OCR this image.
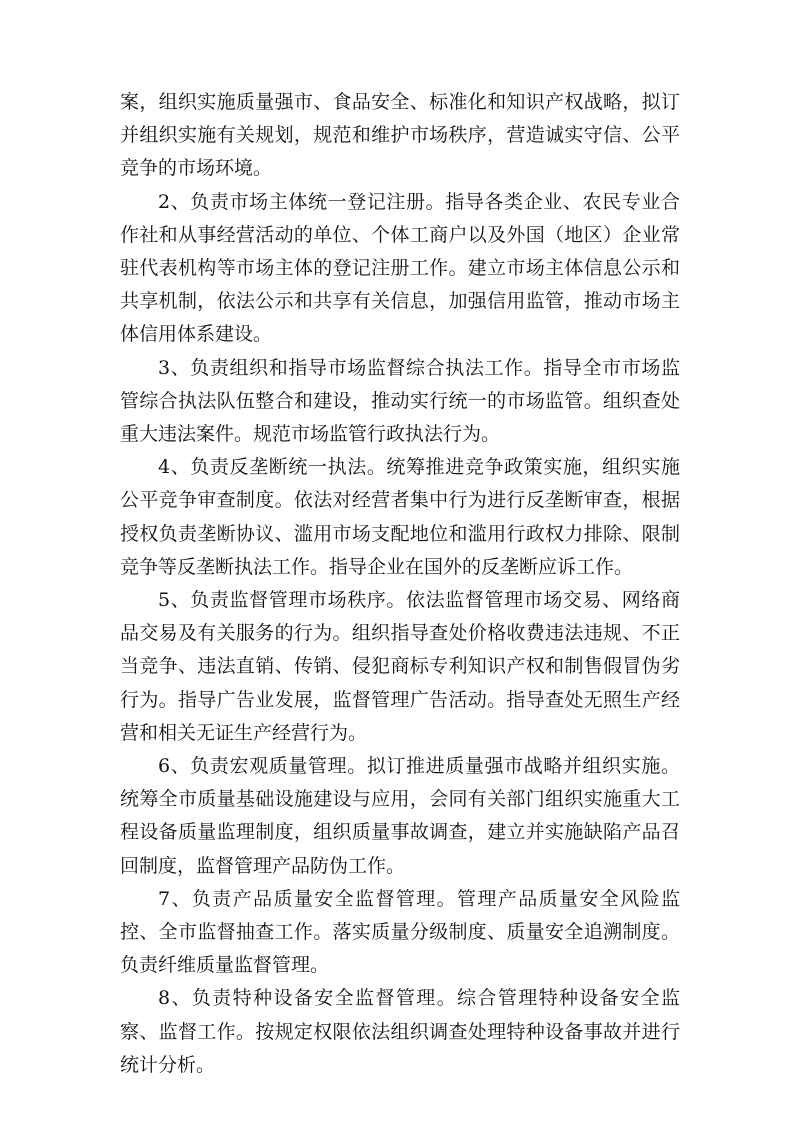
案，组织实施质量强市、食品安全、标准化和知识产权战略，拟订并组织实施有关规划，规范和维护市场秩序，营造诚实守信、公平竞争的市场环境。

2、负责市场主体统一登记注册。指导各类企业、农民专业合作社和从事经营活动的单位、个体工商户以及外国（地区）企业常驻代表机构等市场主体的登记注册工作。建立市场主体信息公示和共享机制，依法公示和共享有关信息，加强信用监管，推动市场主体信用体系建设。

3、负责组织和指导市场监督综合执法工作。指导全市市场监管综合执法队伍整合和建设，推动实行统一的市场监管。组织查处重大违法案件。规范市场监管行政执法行为。

4、负责反垄断统一执法。统筹推进竞争政策实施，组织实施公平竞争审查制度。依法对经营者集中行为进行反垄断审查，根据授权负责垄断协议、滥用市场支配地位和滥用行政权力排除、限制竞争等反垄断执法工作。指导企业在国外的反垄断应诉工作。

5、负责监督管理市场秩序。依法监督管理市场交易、网络商品交易及有关服务的行为。组织指导查处价格收费违法违规、不正当竞争、违法直销、传销、侵犯商标专利知识产权和制售假冒伪劣行为。指导广告业发展，监督管理广告活动。指导查处无照生产经营和相关无证生产经营行为。

6、负责宏观质量管理。拟订推进质量强市战略并组织实施。统筹全市质量基础设施建设与应用，会同有关部门组织实施重大工程设备质量监理制度，组织质量事故调查，建立并实施缺陷产品召回制度，监督管理产品防伪工作。

7、负责产品质量安全监督管理。管理产品质量安全风险监控、全市监督抽查工作。落实质量分级制度、质量安全追溯制度。负责纤维质量监督管理。

8、负责特种设备安全监督管理。综合管理特种设备安全监察、监督工作。按规定权限依法组织调查处理特种设备事故并进行统计分析。
